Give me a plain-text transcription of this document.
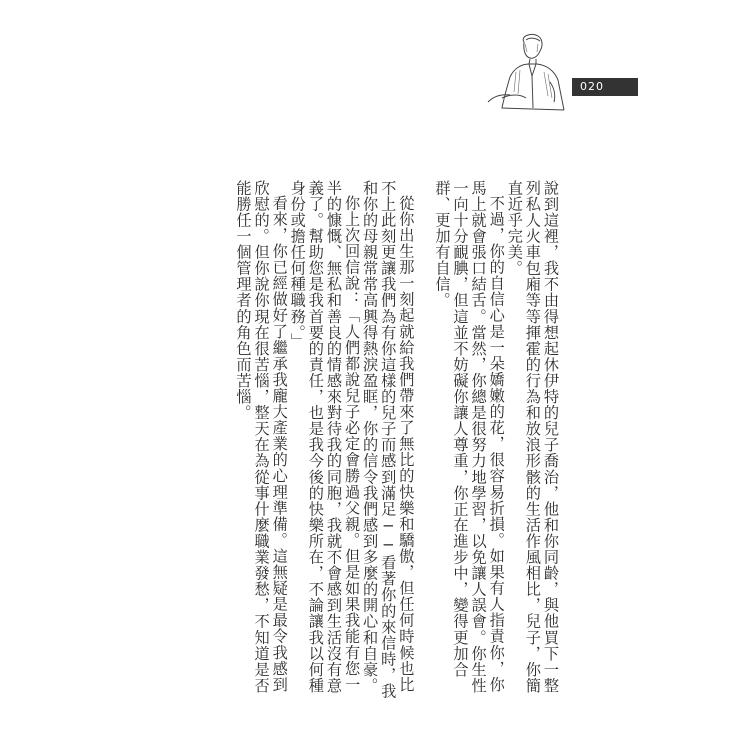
020

說到這裡，我不由得想起休伊特的兒子喬治，他和你同齡，與他買下一整列私人火車包廂等等揮霍的行為和放浪形骸的生活作風相比，兒子，你簡直近乎完美。

不過，你的自信心是一朵嬌嫩的花，很容易折損。如果有人指責你，你馬上就會張口結舌。當然，你總是很努力地學習，以免讓人誤會。你生性一向十分靦腆，但這並不妨礙你讓人尊重，你正在進步中，變得更加合群、更加有自信。

從你出生那一刻起就給我們帶來了無比的快樂和驕傲，但任何時候也比不上此刻更讓我們為有你這樣的兒子而感到滿足──看著你的來信時，我和你的母親常常高興得熱淚盈眶，你的信令我們感到多麼的開心和自豪。

你上次回信說：「人們都說兒子必定會勝過父親。但是如果我能有您一半的慷慨、無私和善良的情感來對待我的同胞，我就不會感到生活沒有意義了。幫助您是我首要的責任，也是我今後的快樂所在，不論讓我以何種身份或擔任何種職務。」

看來，你已經做好了繼承我龐大產業的心理準備。這無疑是最令我感到欣慰的。但你說你現在很苦惱，整天在為從事什麼職業發愁，不知道是否能勝任一個管理者的角色而苦惱。
